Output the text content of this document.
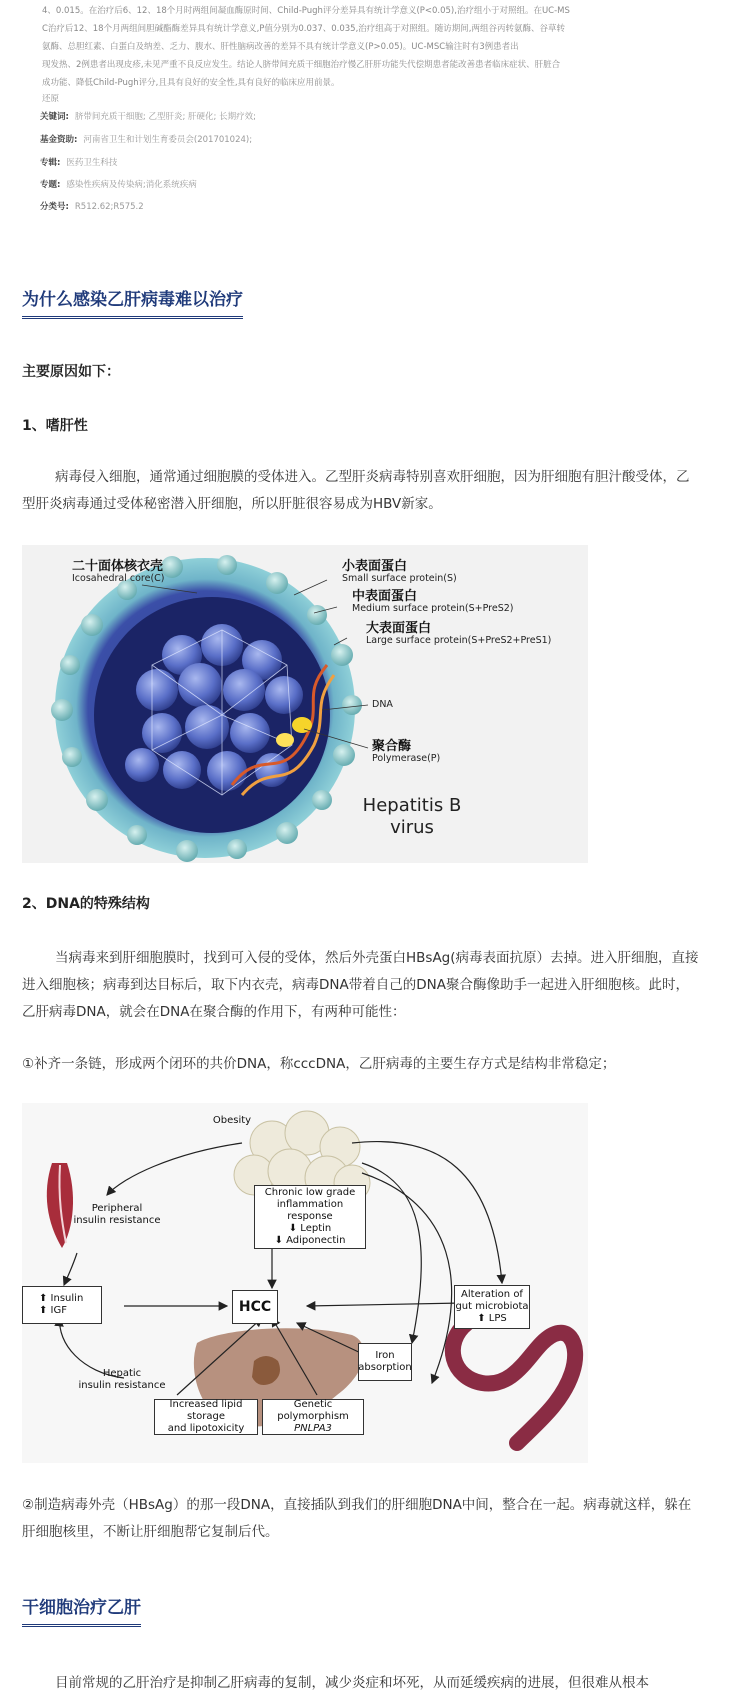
4、0.015。在治疗后6、12、18个月时两组间凝血酶原时间、Child-Pugh评分差异具有统计学意义(P<0.05),治疗组小于对照组。在UC-MS
C治疗后12、18个月两组间胆碱酯酶差异具有统计学意义,P值分别为0.037、0.035,治疗组高于对照组。随访期间,两组谷丙转氨酶、谷草转
氨酶、总胆红素、白蛋白及纳差、乏力、腹水、肝性脑病改善的差异不具有统计学意义(P>0.05)。UC-MSC输注时有3例患者出
现发热、2例患者出现皮疹,未见严重不良反应发生。结论人脐带间充质干细胞治疗慢乙肝肝功能失代偿期患者能改善患者临床症状、肝脏合
成功能、降低Child-Pugh评分,且具有良好的安全性,具有良好的临床应用前景。
还原
关键词: 脐带间充质干细胞; 乙型肝炎; 肝硬化; 长期疗效;
基金资助: 河南省卫生和计划生育委员会(201701024);
专辑: 医药卫生科技
专题: 感染性疾病及传染病;消化系统疾病
分类号: R512.62;R575.2
为什么感染乙肝病毒难以治疗
主要原因如下：
1、嗜肝性
病毒侵入细胞，通常通过细胞膜的受体进入。乙型肝炎病毒特别喜欢肝细胞，因为肝细胞有胆汁酸受体，乙型肝炎病毒通过受体秘密潜入肝细胞，所以肝脏很容易成为HBV新家。
二十面体核衣壳
Icosahedral core(C)
小表面蛋白
Small surface protein(S)
中表面蛋白
Medium surface protein(S+PreS2)
大表面蛋白
Large surface protein(S+PreS2+PreS1)
DNA
聚合酶
Polymerase(P)
Hepatitis B
virus
2、DNA的特殊结构
当病毒来到肝细胞膜时，找到可入侵的受体，然后外壳蛋白HBsAg(病毒表面抗原）去掉。进入肝细胞，直接进入细胞核；病毒到达目标后，取下内衣壳，病毒DNA带着自己的DNA聚合酶像助手一起进入肝细胞核。此时，乙肝病毒DNA，就会在DNA在聚合酶的作用下，有两种可能性：
①补齐一条链，形成两个闭环的共价DNA，称cccDNA，乙肝病毒的主要生存方式是结构非常稳定；
Obesity
Chronic low grade
inflammation response
⬇ Leptin
⬇ Adiponectin
Peripheral
insulin resistance
⬆ Insulin
⬆ IGF	HCC
Alteration of
gut microbiota
⬆ LPS
Iron
absorption
Hepatic
insulin resistance
Increased lipid storage
and lipotoxicity
Genetic polymorphism
PNLPA3
②制造病毒外壳（HBsAg）的那一段DNA，直接插队到我们的肝细胞DNA中间，整合在一起。病毒就这样，躲在肝细胞核里，不断让肝细胞帮它复制后代。
干细胞治疗乙肝
目前常规的乙肝治疗是抑制乙肝病毒的复制，减少炎症和坏死，从而延缓疾病的进展，但很难从根本
